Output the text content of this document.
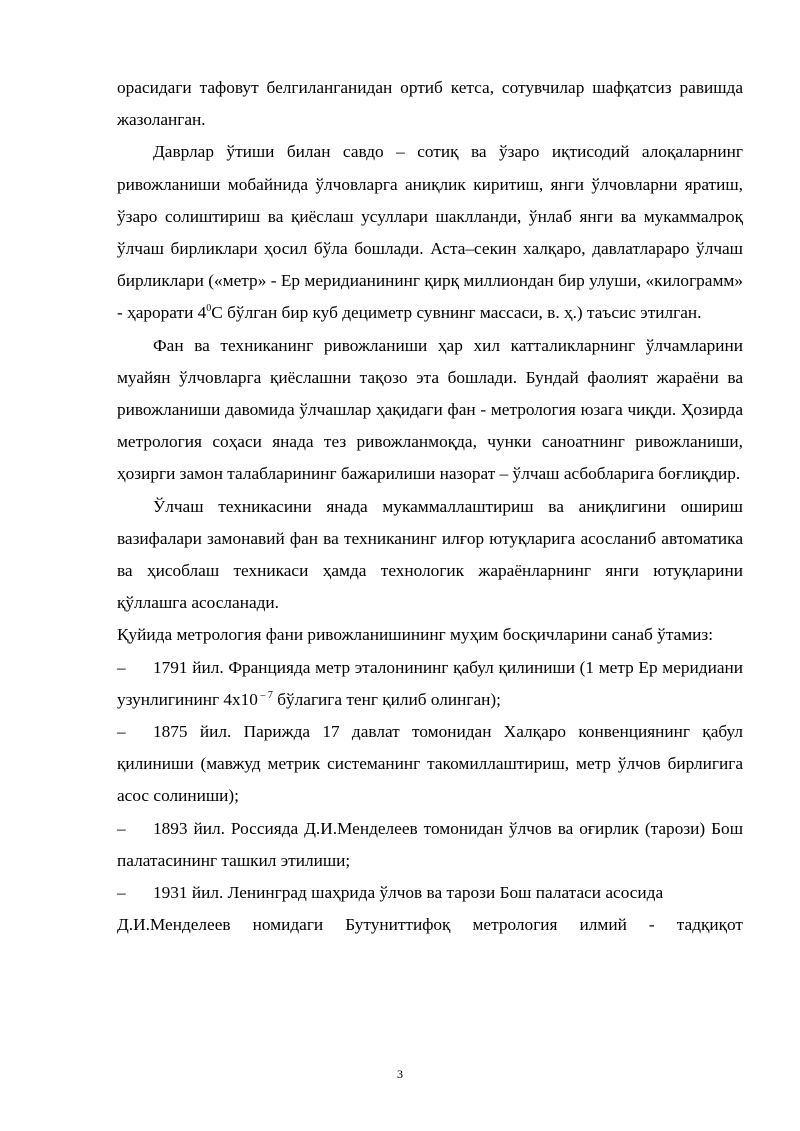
орасидаги тафовут белгиланганидан ортиб кетса, сотувчилар шафқатсиз равишда жазоланган.

Даврлар ўтиши билан савдо – сотиқ ва ўзаро иқтисодий алоқаларнинг ривожланиши мобайнида ўлчовларга аниқлик киритиш, янги ўлчовларни яратиш, ўзаро солиштириш ва қиёслаш усуллари шаклланди, ўнлаб янги ва мукаммалроқ ўлчаш бирликлари ҳосил бўла бошлади. Аста–секин халқаро, давлатлараро ўлчаш бирликлари («метр» - Ер меридианининг қирқ миллиондан бир улуши, «килограмм» - ҳарорати $4^0С$ бўлган бир куб дециметр сувнинг массаси, в. ҳ.) таъсис этилган.

Фан ва техниканинг ривожланиши ҳар хил катталикларнинг ўлчамларини муайян ўлчовларга қиёслашни тақозо эта бошлади. Бундай фаолият жараёни ва ривожланиши давомида ўлчашлар ҳақидаги фан - метрология юзага чиқди. Ҳозирда метрология соҳаси янада тез ривожланмоқда, чунки саноатнинг ривожланиши, ҳозирги замон талабларининг бажарилиши назорат – ўлчаш асбобларига боғлиқдир.

Ўлчаш техникасини янада мукаммаллаштириш ва аниқлигини ошириш вазифалари замонавий фан ва техниканинг илғор ютуқларига асосланиб автоматика ва ҳисоблаш техникаси ҳамда технологик жараёнларнинг янги ютуқларини қўллашга асосланади.

Қуйида метрология фани ривожланишининг муҳим босқичларини санаб ўтамиз:

– 1791 йил. Францияда метр эталонининг қабул қилиниши (1 метр Ер меридиани узунлигининг 4х10 $^{- 7}$ бўлагига тенг қилиб олинган);

– 1875 йил. Парижда 17 давлат томонидан Халқаро конвенциянинг қабул қилиниши (мавжуд метрик системанинг такомиллаштириш, метр ўлчов бирлигига асос солиниши);

– 1893 йил. Россияда Д.И.Менделеев томонидан ўлчов ва оғирлик (тарози) Бош палатасининг ташкил этилиши;

– 1931 йил. Ленинград шаҳрида ўлчов ва тарози Бош палатаси асосида

Д.И.Менделеев номидаги Бутуниттифоқ метрология илмий - тадқиқот

3
